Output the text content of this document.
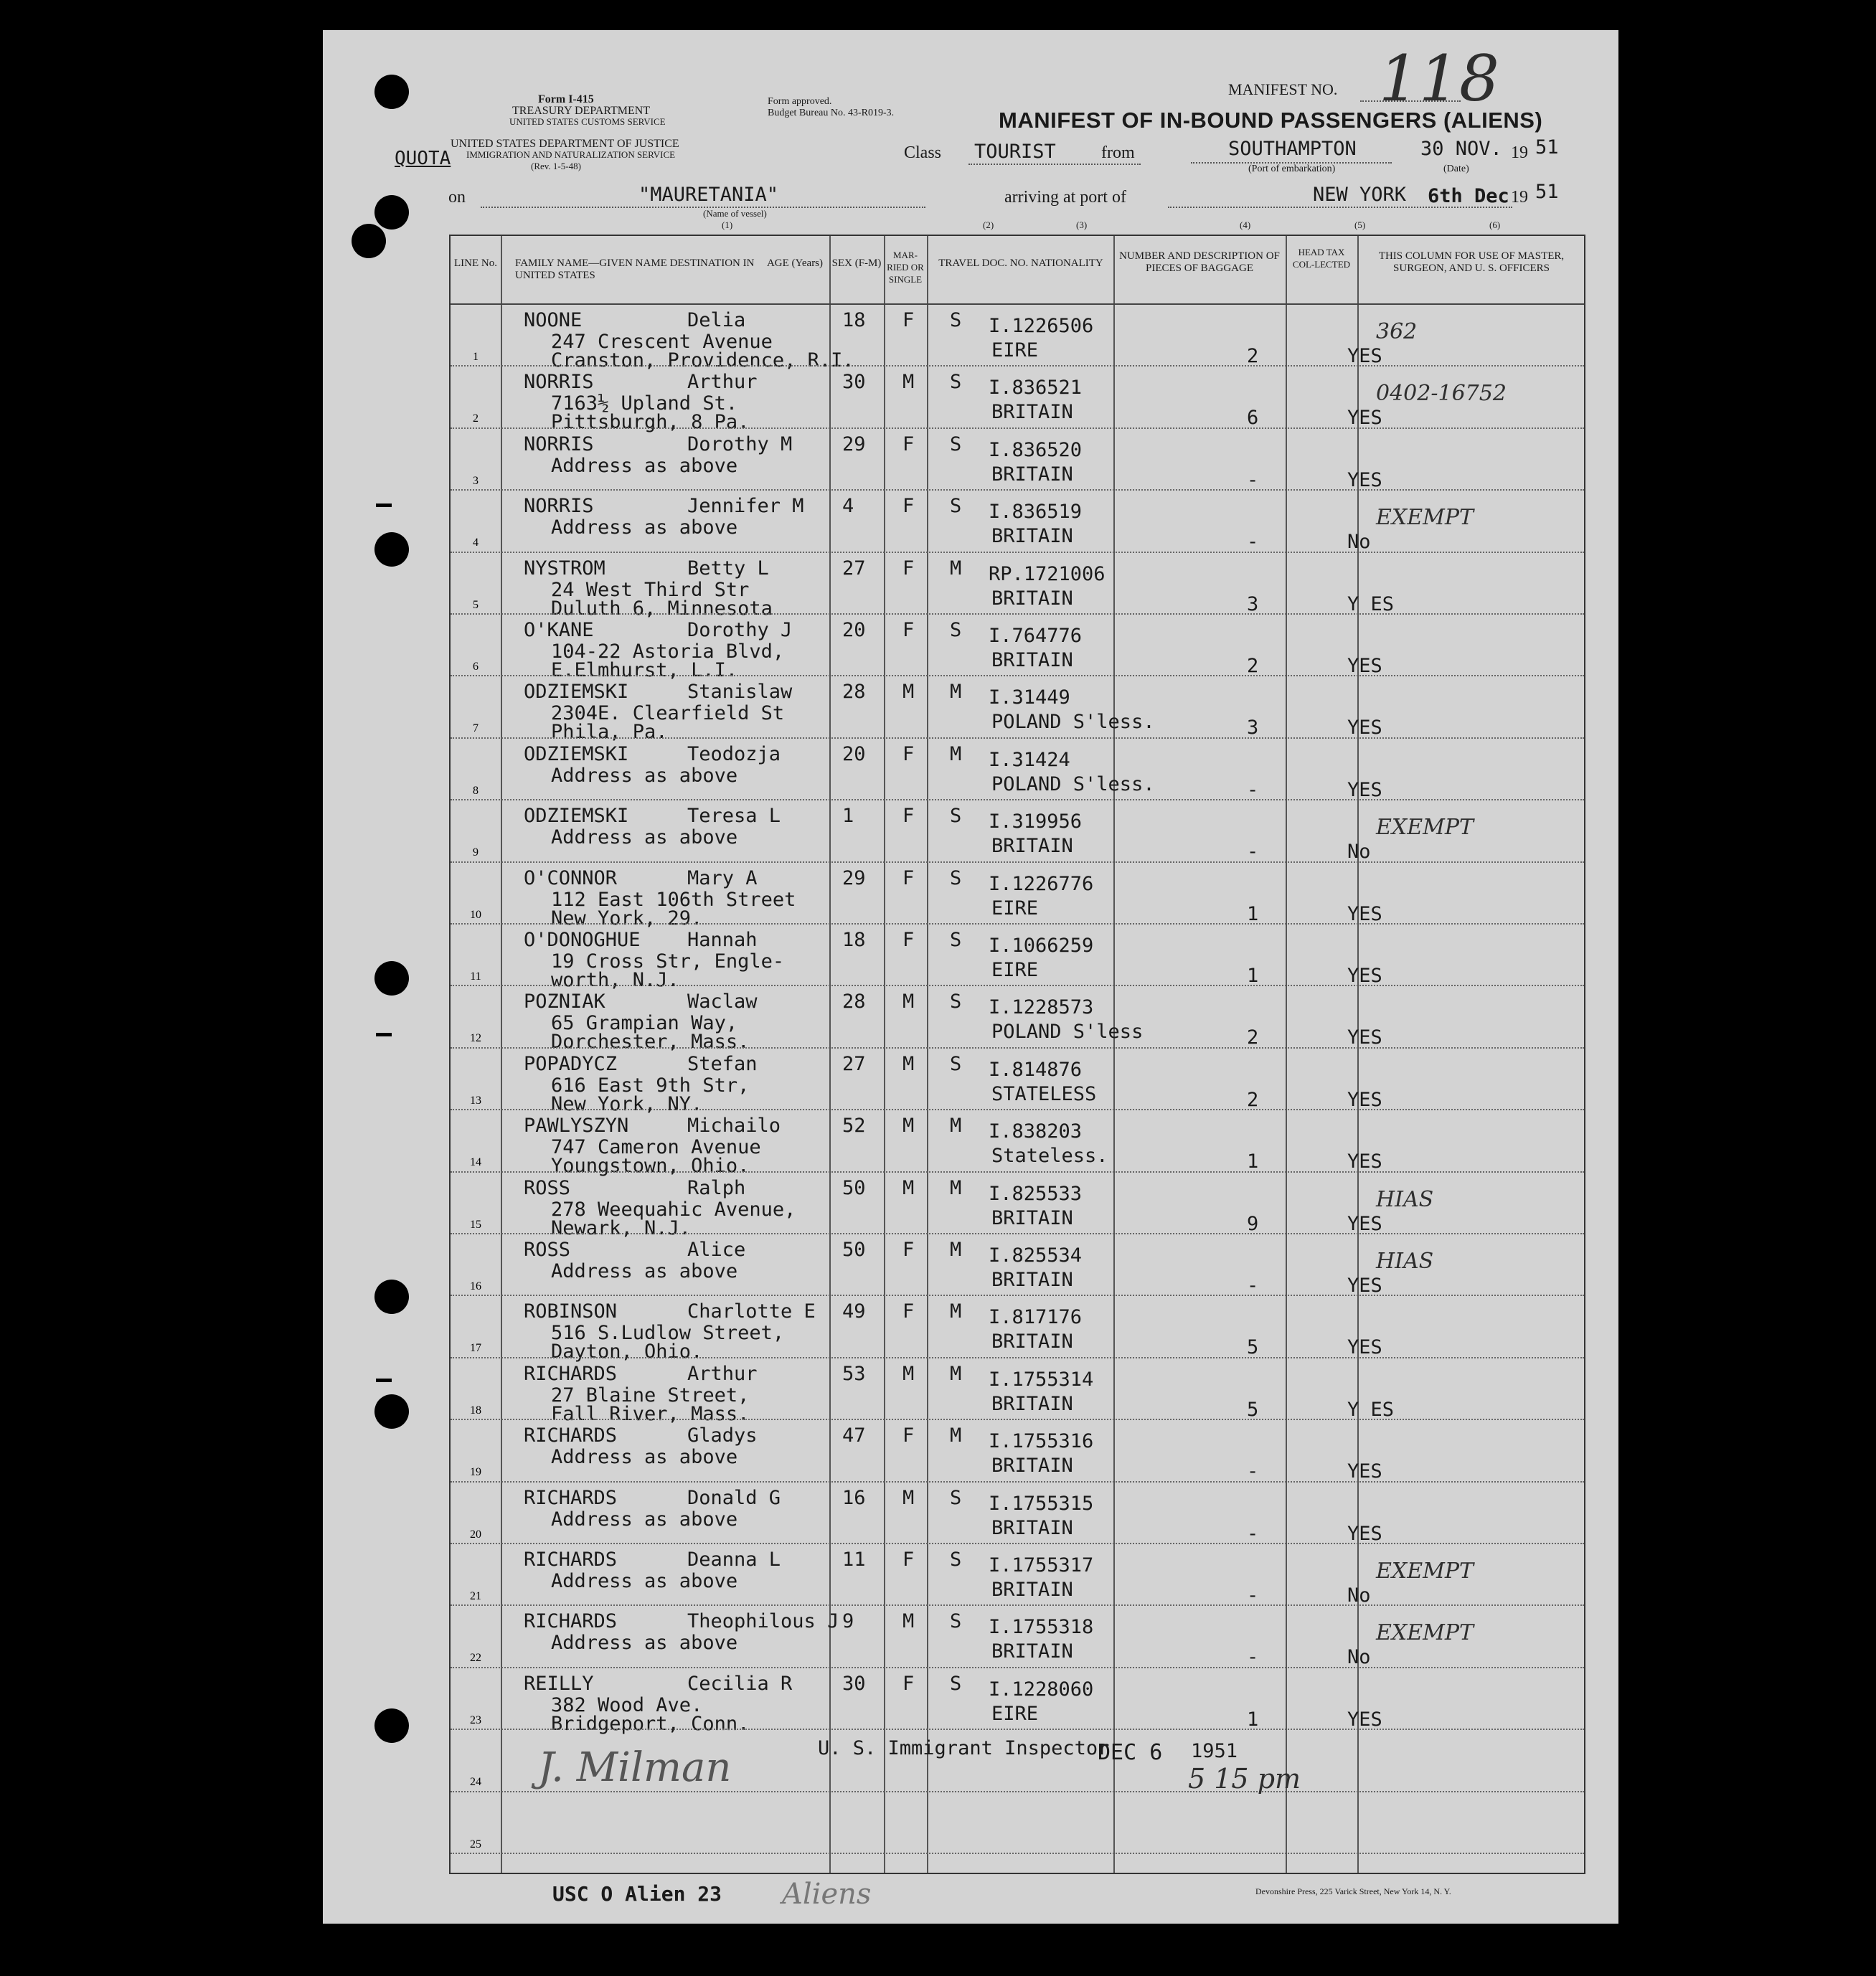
Form I-415
TREASURY DEPARTMENT
UNITED STATES CUSTOMS SERVICE
Form approved.
Budget Bureau No. 43-R019-3.
UNITED STATES DEPARTMENT OF JUSTICE
IMMIGRATION AND NATURALIZATION SERVICE
(Rev. 1-5-48)
QUOTA
MANIFEST NO. 118
MANIFEST OF IN-BOUND PASSENGERS (ALIENS)
Class TOURIST	from	SOUTHAMPTON
(Port of embarkation)
30 NOV. 19 51
(Date)
on	"MAURETANIA"
(Name of vessel)
(1)
arriving at port of	NEW YORK 6th Dec 19 51
(2)	(3)	(4)	(5)	(6)
LINE No. FAMILY NAME—GIVEN NAME DESTINATION IN UNITED STATES
AGE (Years) SEX (F-M)
MAR-RIED OR SINGLE
TRAVEL DOC. NO. NATIONALITY
NUMBER AND DESCRIPTION OF PIECES OF BAGGAGE
HEAD TAX COL-LECTED
THIS COLUMN FOR USE OF MASTER, SURGEON, AND U. S. OFFICERS
1
NOONE	Delia
247 Crescent Avenue
Cranston, Providence, R.I.
18 F S I.1226506
EIRE	2	YES
362
2
NORRIS	Arthur
7163½ Upland St.
Pittsburgh, 8 Pa.
30 M S I.836521
BRITAIN	6	YES
0402-16752
3
NORRIS	Dorothy M
Address as above
29 F S I.836520
BRITAIN	-	YES
4
NORRIS	Jennifer M
Address as above
4	F S I.836519
BRITAIN	-	No
EXEMPT
5
NYSTROM	Betty L
24 West Third Str
Duluth 6, Minnesota
27 F M RP.1721006
BRITAIN	3	Y ES
6
O'KANE	Dorothy J
104-22 Astoria Blvd,
E.Elmhurst, L.I.
20 F S I.764776
BRITAIN	2	YES
7
ODZIEMSKI	Stanislaw
2304E. Clearfield St
Phila, Pa.
28 M M I.31449
POLAND S'less.	3	YES
8
ODZIEMSKI	Teodozja
Address as above
20 F M I.31424
POLAND S'less.	-	YES
9
ODZIEMSKI	Teresa L
Address as above
1	F S I.319956
BRITAIN	-	No
EXEMPT
10
O'CONNOR	Mary A
112 East 106th Street
New York, 29.
29 F S I.1226776
EIRE	1	YES
11
O'DONOGHUE Hannah
19 Cross Str, Engle-
worth, N.J.
18 F S I.1066259
EIRE	1	YES
12
POZNIAK	Waclaw
65 Grampian Way,
Dorchester, Mass.
28 M S I.1228573
POLAND S'less	2	YES
13
POPADYCZ	Stefan
616 East 9th Str,
New York, NY.
27 M S I.814876
STATELESS	2	YES
14
PAWLYSZYN	Michailo
747 Cameron Avenue
Youngstown, Ohio.
52 M M I.838203
Stateless.	1	YES
15
ROSS	Ralph
278 Weequahic Avenue,
Newark, N.J.
50 M M I.825533
BRITAIN	9	YES
HIAS
16
ROSS	Alice
Address as above
50 F M I.825534
BRITAIN	-	YES
HIAS
17
ROBINSON	Charlotte E
516 S.Ludlow Street,
Dayton, Ohio.
49 F M I.817176
BRITAIN	5	YES
18
RICHARDS	Arthur
27 Blaine Street,
Fall River, Mass.
53 M M I.1755314
BRITAIN	5	Y ES
19
RICHARDS	Gladys
Address as above
47 F M I.1755316
BRITAIN	-	YES
20
RICHARDS	Donald G
Address as above
16 M S I.1755315
BRITAIN	-	YES
21
RICHARDS	Deanna L
Address as above
11 F S I.1755317
BRITAIN	-	No
EXEMPT
22
RICHARDS	Theophilous J
Address as above
9	M S I.1755318
BRITAIN	-	No
EXEMPT
23
REILLY	Cecilia R
382 Wood Ave.
Bridgeport, Conn.
30 F S I.1228060
EIRE	1	YES
24
25
J. Milman	U. S. Immigrant Inspector
DEC 6 1951
5 15 pm
USC O Alien 23 Aliens	Devonshire Press, 225 Varick Street, New York 14, N. Y.
